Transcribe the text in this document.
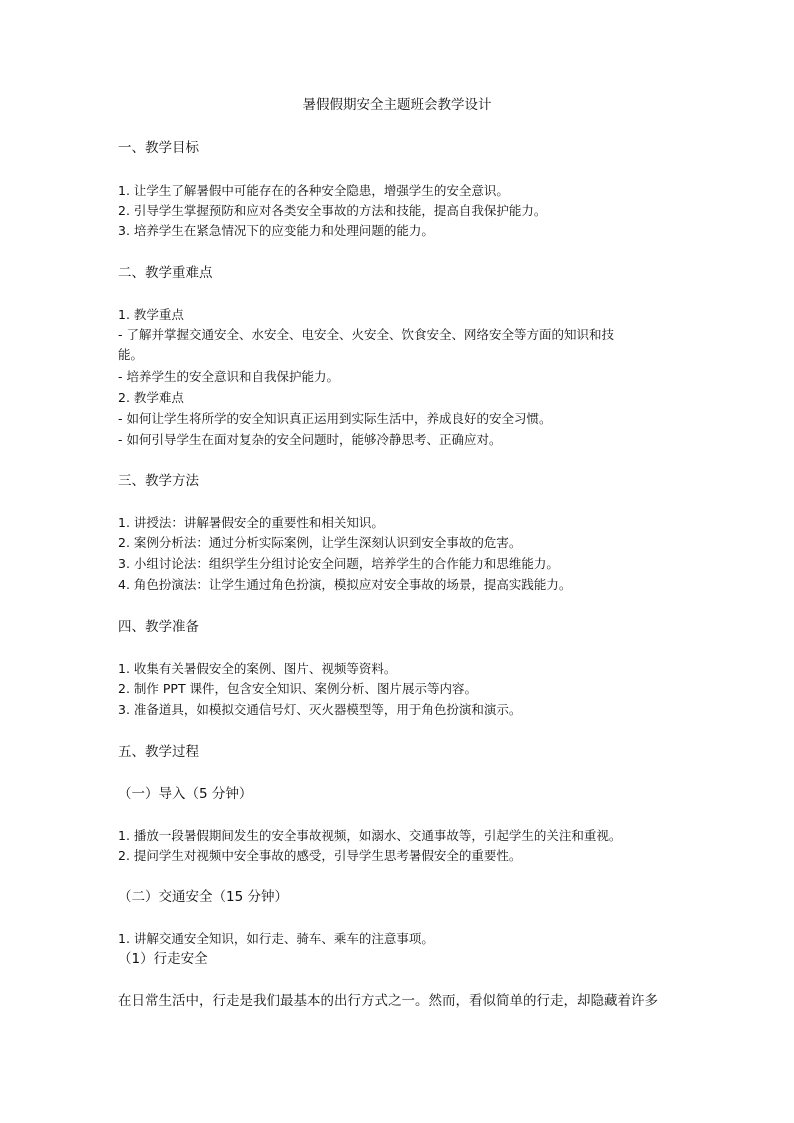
暑假假期安全主题班会教学设计

一、教学目标

1. 让学生了解暑假中可能存在的各种安全隐患，增强学生的安全意识。

2. 引导学生掌握预防和应对各类安全事故的方法和技能，提高自我保护能力。

3. 培养学生在紧急情况下的应变能力和处理问题的能力。

二、教学重难点

1. 教学重点

- 了解并掌握交通安全、水安全、电安全、火安全、饮食安全、网络安全等方面的知识和技

能。

- 培养学生的安全意识和自我保护能力。

2. 教学难点

- 如何让学生将所学的安全知识真正运用到实际生活中，养成良好的安全习惯。

- 如何引导学生在面对复杂的安全问题时，能够冷静思考、正确应对。

三、教学方法

1. 讲授法：讲解暑假安全的重要性和相关知识。

2. 案例分析法：通过分析实际案例，让学生深刻认识到安全事故的危害。

3. 小组讨论法：组织学生分组讨论安全问题，培养学生的合作能力和思维能力。

4. 角色扮演法：让学生通过角色扮演，模拟应对安全事故的场景，提高实践能力。

四、教学准备

1. 收集有关暑假安全的案例、图片、视频等资料。

2. 制作 PPT 课件，包含安全知识、案例分析、图片展示等内容。

3. 准备道具，如模拟交通信号灯、灭火器模型等，用于角色扮演和演示。

五、教学过程

（一）导入（5 分钟）

1. 播放一段暑假期间发生的安全事故视频，如溺水、交通事故等，引起学生的关注和重视。

2. 提问学生对视频中安全事故的感受，引导学生思考暑假安全的重要性。

（二）交通安全（15 分钟）

1. 讲解交通安全知识，如行走、骑车、乘车的注意事项。

（1）行走安全

在日常生活中，行走是我们最基本的出行方式之一。然而，看似简单的行走，却隐藏着许多
